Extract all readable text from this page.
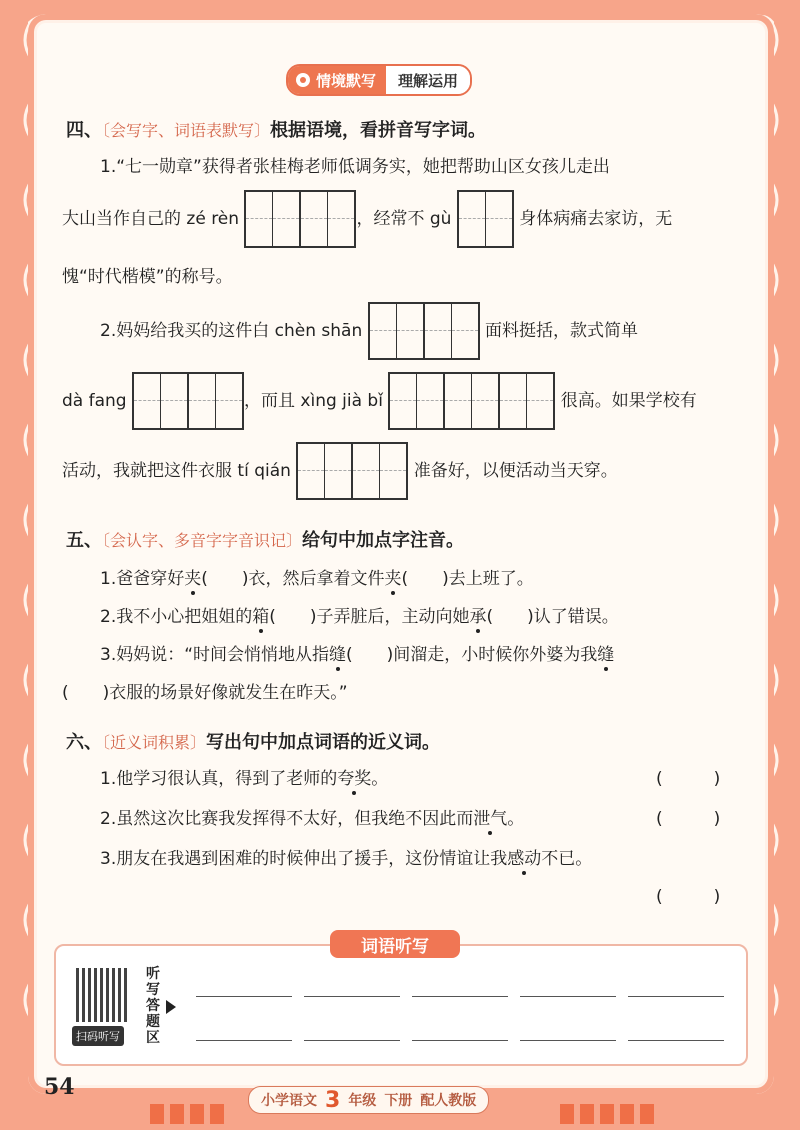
情境默写	理解运用
四、〔会写字、词语表默写〕根据语境，看拼音写字词。
1.“七一勋章”获得者张桂梅老师低调务实，她把帮助山区女孩儿走出
大山当作自己的 zé rèn	，经常不 gù	身体病痛去家访，无
愧“时代楷模”的称号。
2.妈妈给我买的这件白 chèn shān	面料挺括，款式简单
dà fang	，而且 xìng jià bǐ	很高。如果学校有
活动，我就把这件衣服 tí qián	准备好，以便活动当天穿。
五、〔会认字、多音字字音识记〕给句中加点字注音。
1.爸爸穿好夹(　　)衣，然后拿着文件夹(　　)去上班了。
2.我不小心把姐姐的箱(　　)子弄脏后，主动向她承(　　)认了错误。
3.妈妈说：“时间会悄悄地从指缝(　　)间溜走，小时候你外婆为我缝
(　　)衣服的场景好像就发生在昨天。”
六、〔近义词积累〕写出句中加点词语的近义词。
1.他学习很认真，得到了老师的夸奖。	(　　　)
2.虽然这次比赛我发挥得不太好，但我绝不因此而泄气。	(　　　)
3.朋友在我遇到困难的时候伸出了援手，这份情谊让我感动不已。
(　　　)
词语听写
扫码听写
听写答题区
54
小学语文 3 年级 下册 配人教版
